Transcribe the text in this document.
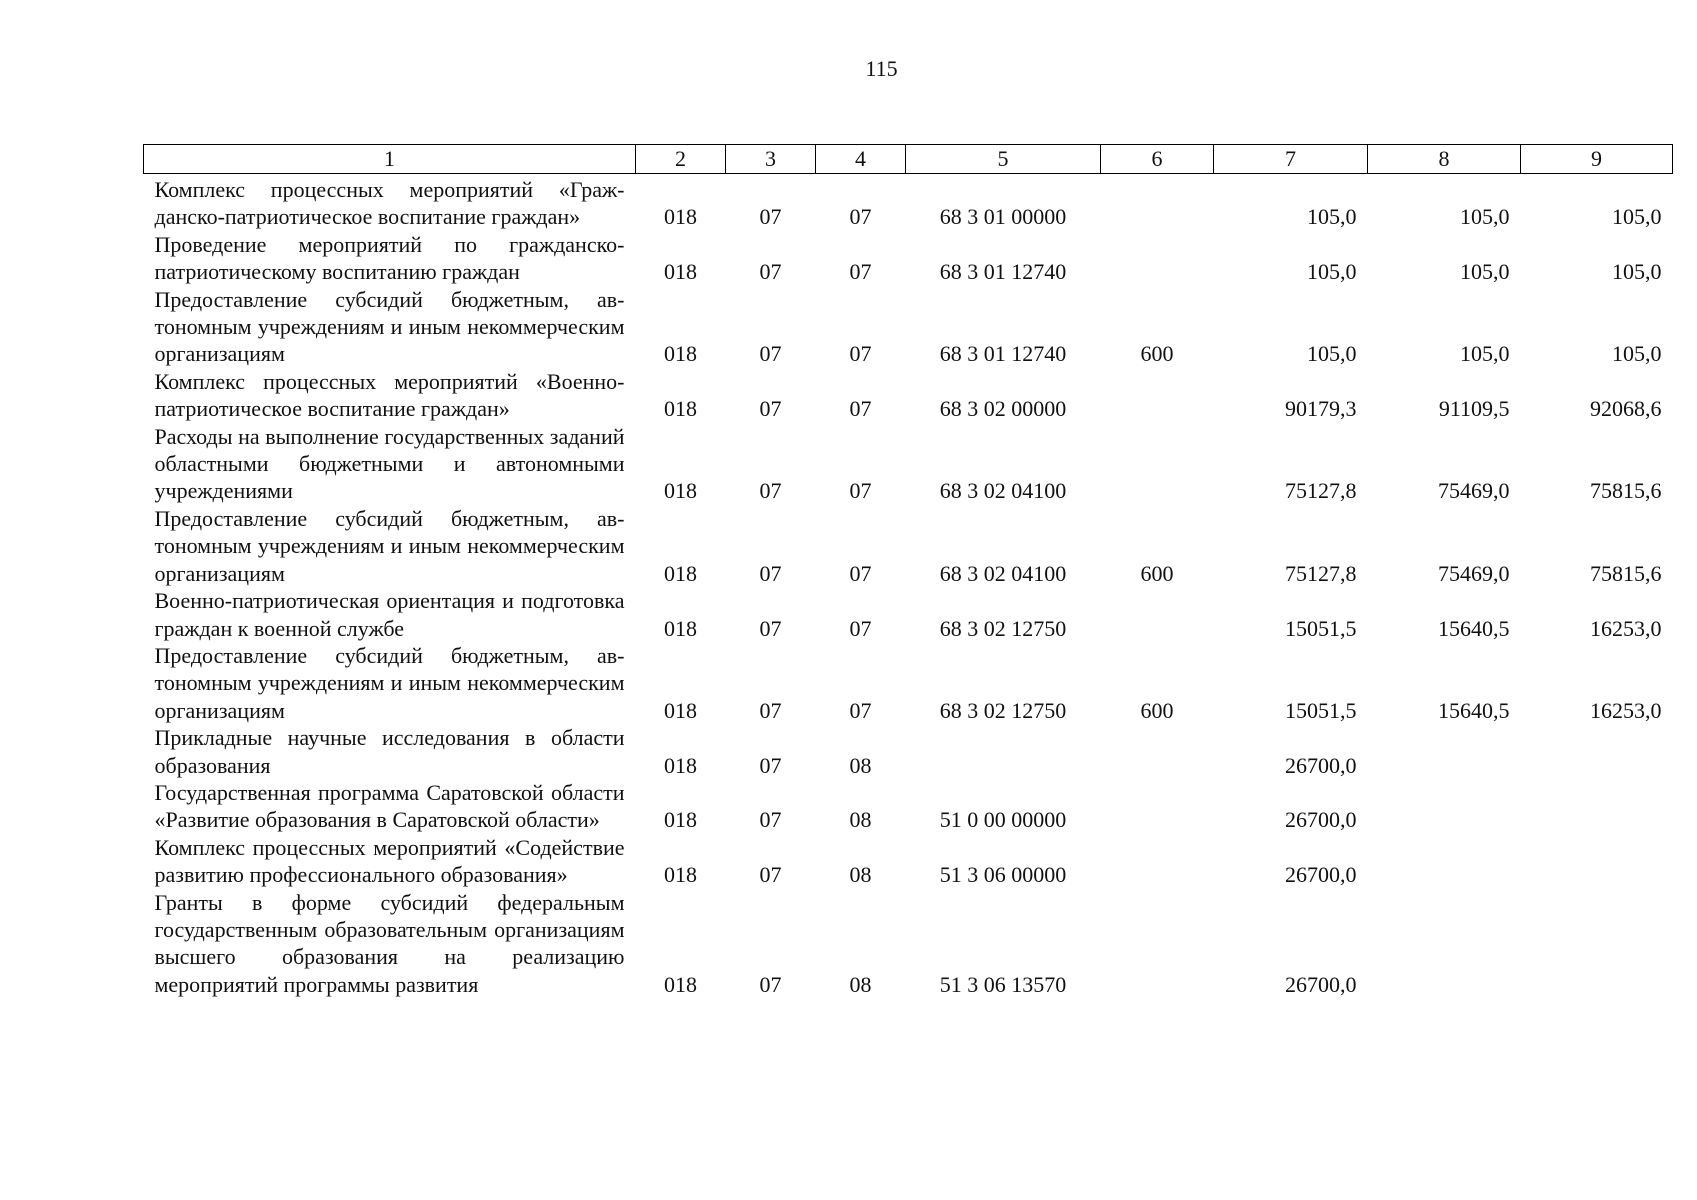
115
1	2	3	4	5	6	7	8	9
Комплекс процессных мероприятий «Гражданско-патриотическое воспитание граждан»	018	07	07	68 3 01 00000		105,0	105,0	105,0
Проведение мероприятий по гражданско-патриотическому воспитанию граждан	018	07	07	68 3 01 12740		105,0	105,0	105,0
Предоставление субсидий бюджетным, автономным учреждениям и иным некоммерческим организациям	018	07	07	68 3 01 12740	600	105,0	105,0	105,0
Комплекс процессных мероприятий «Военно-патриотическое воспитание граждан»	018	07	07	68 3 02 00000		90179,3	91109,5	92068,6
Расходы на выполнение государственных заданий областными бюджетными и автономными учреждениями	018	07	07	68 3 02 04100		75127,8	75469,0	75815,6
Предоставление субсидий бюджетным, автономным учреждениям и иным некоммерческим организациям	018	07	07	68 3 02 04100	600	75127,8	75469,0	75815,6
Военно-патриотическая ориентация и подготовка граждан к военной службе	018	07	07	68 3 02 12750		15051,5	15640,5	16253,0
Предоставление субсидий бюджетным, автономным учреждениям и иным некоммерческим организациям	018	07	07	68 3 02 12750	600	15051,5	15640,5	16253,0
Прикладные научные исследования в области образования	018	07	08			26700,0		
Государственная программа Саратовской области «Развитие образования в Саратовской области»	018	07	08	51 0 00 00000		26700,0		
Комплекс процессных мероприятий «Содействие развитию профессионального образования»	018	07	08	51 3 06 00000		26700,0		
Гранты в форме субсидий федеральным государственным образовательным организациям высшего образования на реализацию мероприятий программы развития	018	07	08	51 3 06 13570		26700,0		
